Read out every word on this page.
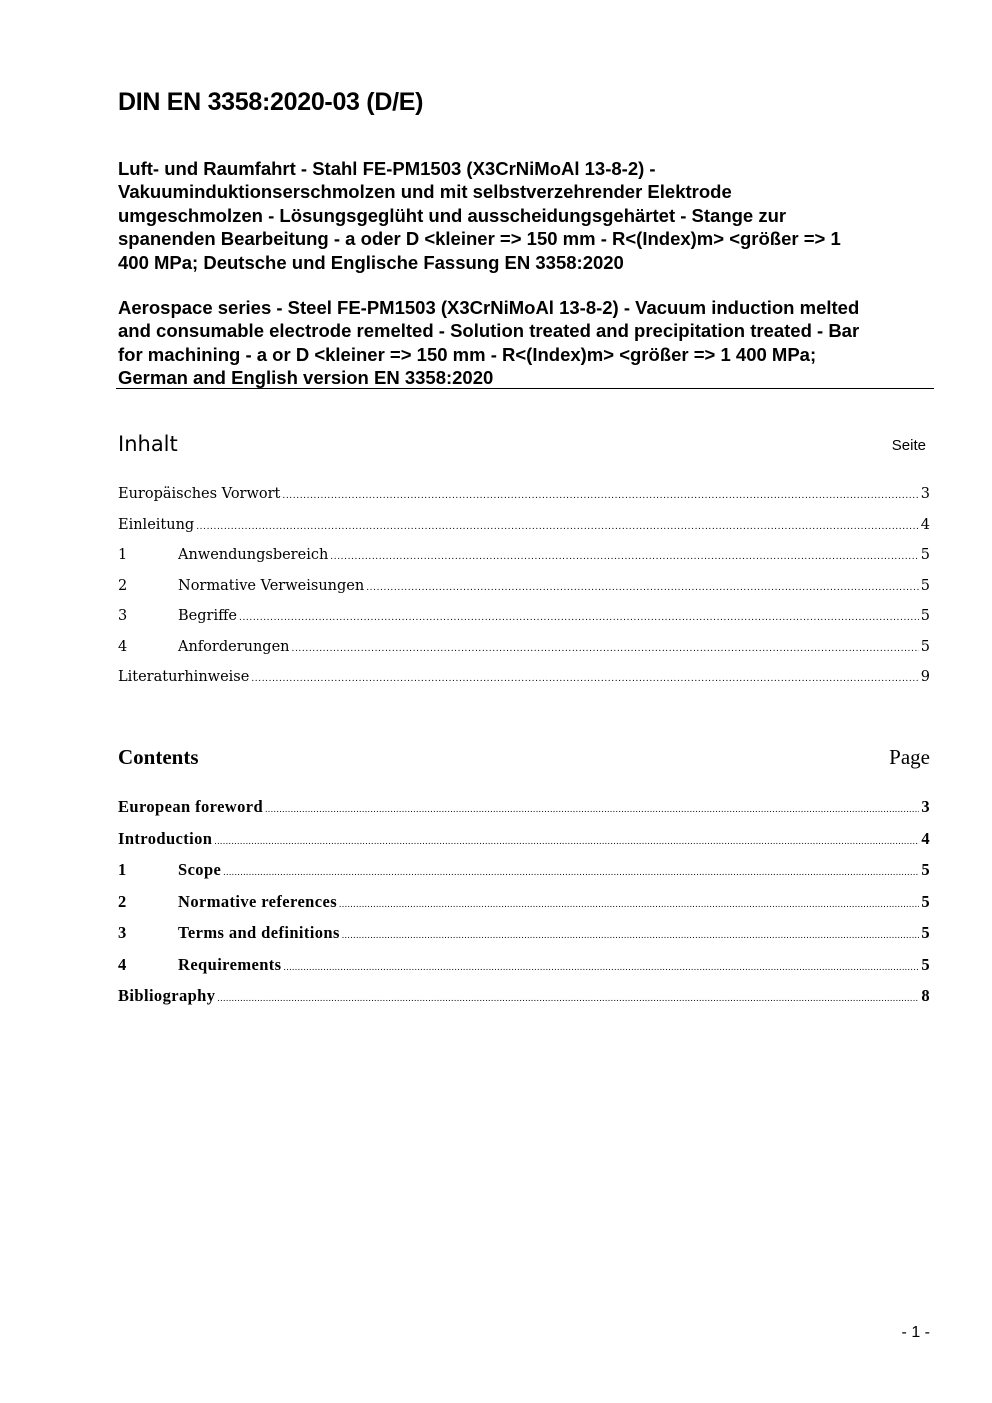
DIN EN 3358:2020-03 (D/E)
Luft- und Raumfahrt - Stahl FE-PM1503 (X3CrNiMoAl 13-8-2) -
Vakuuminduktionserschmolzen und mit selbstverzehrender Elektrode
umgeschmolzen - Lösungsgeglüht und ausscheidungsgehärtet - Stange zur
spanenden Bearbeitung - a oder D <kleiner => 150 mm - R<(Index)m> <größer => 1
400 MPa; Deutsche und Englische Fassung EN 3358:2020
Aerospace series - Steel FE-PM1503 (X3CrNiMoAl 13-8-2) - Vacuum induction melted
and consumable electrode remelted - Solution treated and precipitation treated - Bar
for machining - a or D <kleiner => 150 mm - R<(Index)m> <größer => 1 400 MPa;
German and English version EN 3358:2020
Inhalt	Seite
Europäisches Vorwort .....	3
Einleitung .....	4
1	Anwendungsbereich .....	5
2	Normative Verweisungen .....	5
3	Begriffe .....	5
4	Anforderungen .....	5
Literaturhinweise .....	9
Contents	Page
European foreword .....	3
Introduction .....	4
1	Scope .....	5
2	Normative references .....	5
3	Terms and definitions .....	5
4	Requirements .....	5
Bibliography .....	8
- 1 -
